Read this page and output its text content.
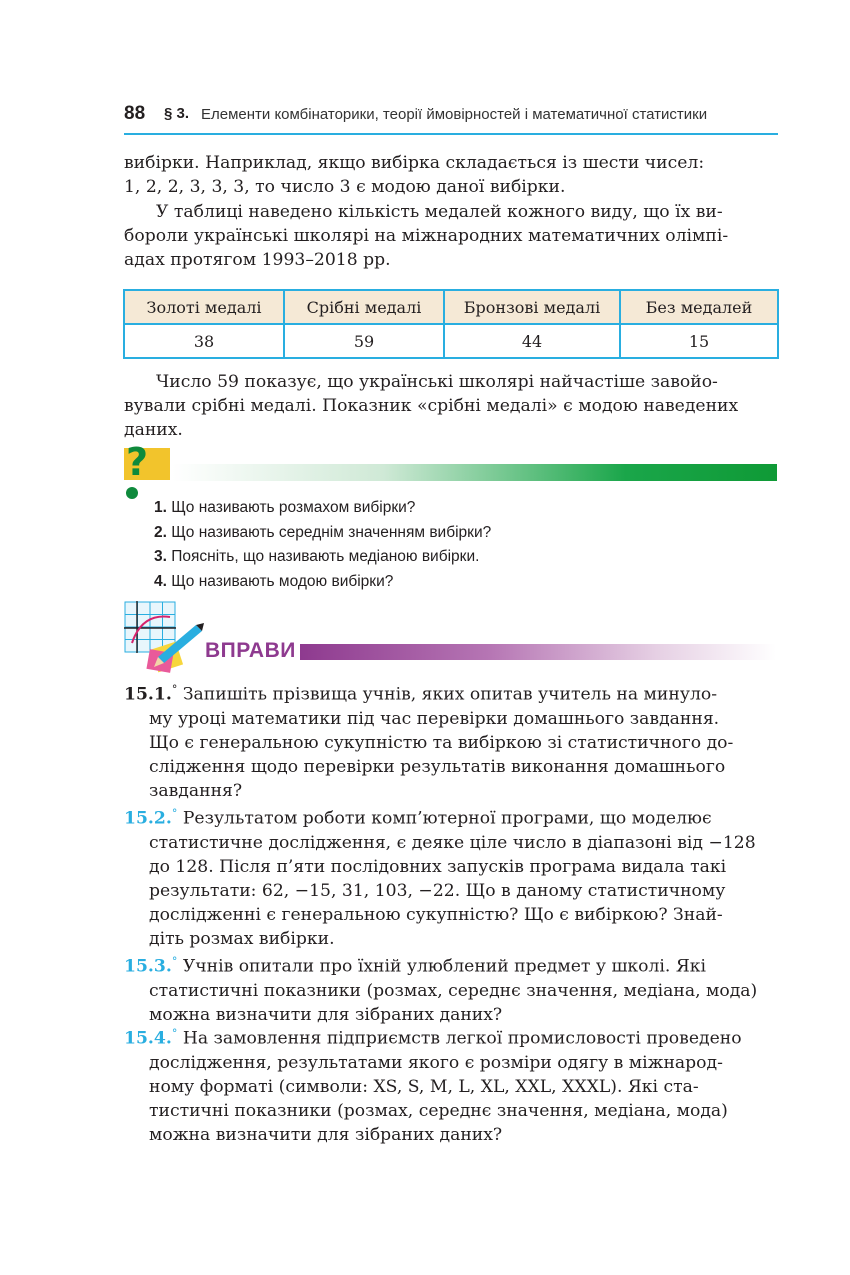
88 § 3. Елементи комбінаторики, теорії ймовірностей і математичної статистики
вибірки. Наприклад, якщо вибірка складається із шести чисел:
1, 2, 2, 3, 3, 3, то число 3 є модою даної вибірки.
У таблиці наведено кількість медалей кожного виду, що їх ви-
бороли українські школярі на міжнародних математичних олімпі-
адах протягом 1993–2018 рр.
Золоті медалі	Срібні медалі	Бронзові медалі	Без медалей
38	59	44	15
Число 59 показує, що українські школярі найчастіше завойо-
вували срібні медалі. Показник «срібні медалі» є модою наведених
даних.
?
1. Що називають розмахом вибірки?
2. Що називають середнім значенням вибірки?
3. Поясніть, що називають медіаною вибірки.
4. Що називають модою вибірки?
ВПРАВИ
15.1.° Запишіть прізвища учнів, яких опитав учитель на минуло-
му уроці математики під час перевірки домашнього завдання.
Що є генеральною сукупністю та вибіркою зі статистичного до-
слідження щодо перевірки результатів виконання домашнього
завдання?
15.2.° Результатом роботи комп’ютерної програми, що моделює
статистичне дослідження, є деяке ціле число в діапазоні від −128
до 128. Після п’яти послідовних запусків програма видала такі
результати: 62, −15, 31, 103, −22. Що в даному статистичному
дослідженні є генеральною сукупністю? Що є вибіркою? Знай-
діть розмах вибірки.
15.3.° Учнів опитали про їхній улюблений предмет у школі. Які
статистичні показники (розмах, середнє значення, медіана, мода)
можна визначити для зібраних даних?
15.4.° На замовлення підприємств легкої промисловості проведено
дослідження, результатами якого є розміри одягу в міжнарод-
ному форматі (символи: XS, S, M, L, XL, XXL, XXXL). Які ста-
тистичні показники (розмах, середнє значення, медіана, мода)
можна визначити для зібраних даних?
